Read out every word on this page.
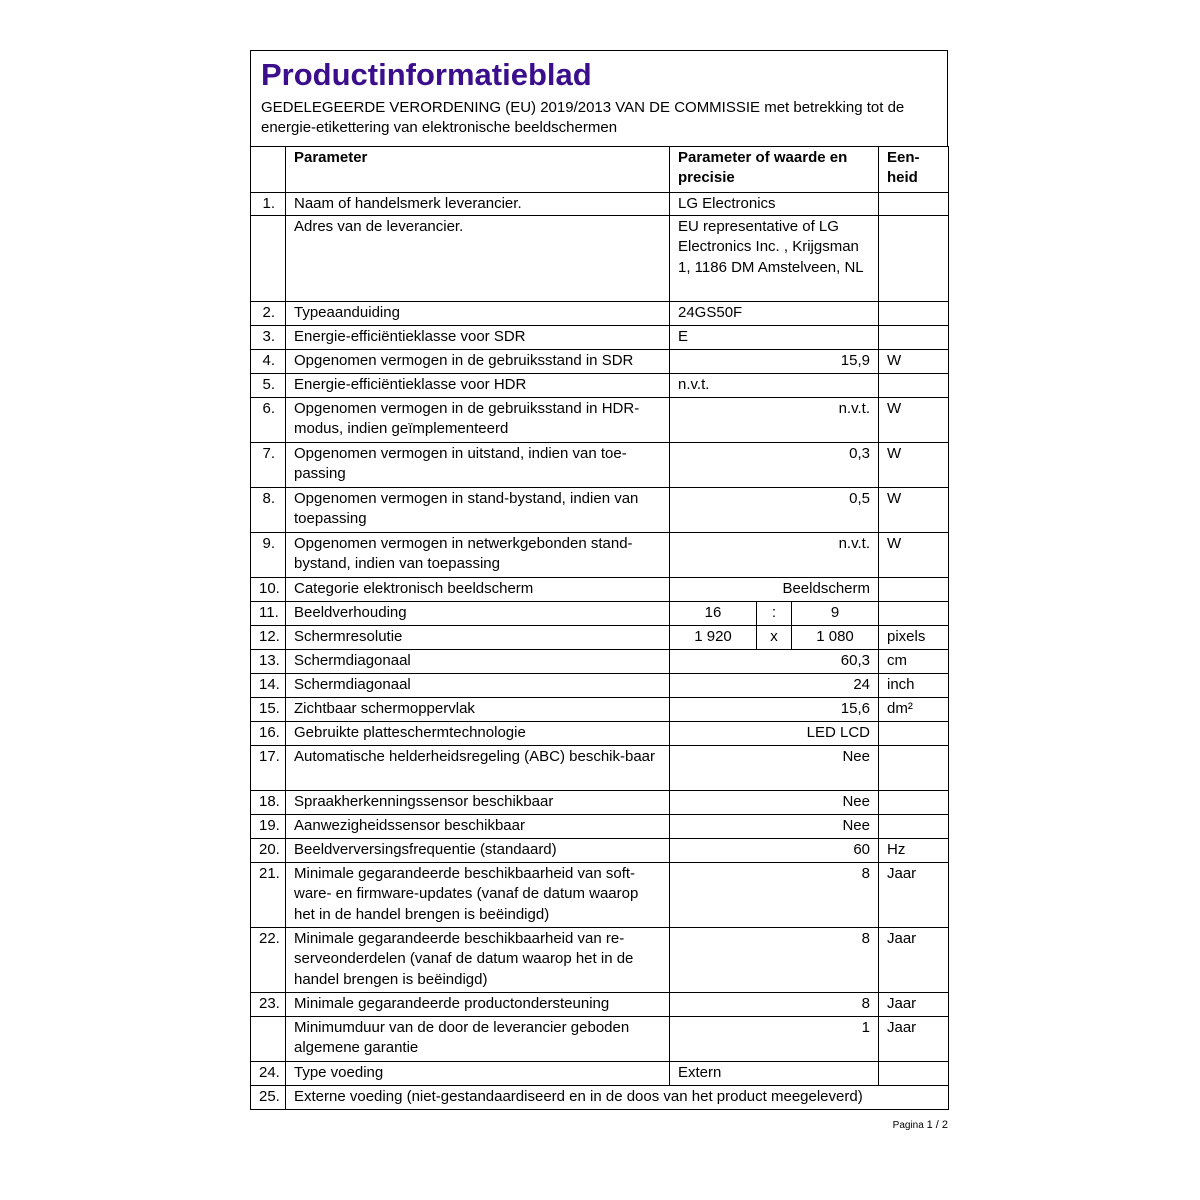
Productinformatieblad
GEDELEGEERDE VERORDENING (EU) 2019/2013 VAN DE COMMISSIE met betrekking tot de energie-etikettering van elektronische beeldschermen
	Parameter	Parameter of waarde en precisie			Een-heid
1.	Naam of handelsmerk leverancier.	LG Electronics			
	Adres van de leverancier.	EU representative of LG Electronics Inc. , Krijgsman 1, 1186 DM Amstelveen, NL			
2.	Typeaanduiding	24GS50F			
3.	Energie-efficiëntieklasse voor SDR	E			
4.	Opgenomen vermogen in de gebruiksstand in SDR	15,9			W
5.	Energie-efficiëntieklasse voor HDR	n.v.t.			
6.	Opgenomen vermogen in de gebruiksstand in HDR-modus, indien geïmplementeerd	n.v.t.			W
7.	Opgenomen vermogen in uitstand, indien van toe-passing	0,3			W
8.	Opgenomen vermogen in stand-bystand, indien van toepassing	0,5			W
9.	Opgenomen vermogen in netwerkgebonden stand-bystand, indien van toepassing	n.v.t.			W
10.	Categorie elektronisch beeldscherm	Beeldscherm			
11.	Beeldverhouding	16	:	9	
12.	Schermresolutie	1 920	x	1 080	pixels
13.	Schermdiagonaal	60,3			cm
14.	Schermdiagonaal	24			inch
15.	Zichtbaar schermoppervlak	15,6			dm²
16.	Gebruikte platteschermtechnologie	LED LCD			
17.	Automatische helderheidsregeling (ABC) beschik-baar	Nee			
18.	Spraakherkenningssensor beschikbaar	Nee			
19.	Aanwezigheidssensor beschikbaar	Nee			
20.	Beeldverversingsfrequentie (standaard)	60			Hz
21.	Minimale gegarandeerde beschikbaarheid van soft-ware- en firmware-updates (vanaf de datum waarop het in de handel brengen is beëindigd)	8			Jaar
22.	Minimale gegarandeerde beschikbaarheid van re-serveonderdelen (vanaf de datum waarop het in de handel brengen is beëindigd)	8			Jaar
23.	Minimale gegarandeerde productondersteuning	8			Jaar
	Minimumduur van de door de leverancier geboden algemene garantie	1			Jaar
24.	Type voeding	Extern			
25.	Externe voeding (niet-gestandaardiseerd en in de doos van het product meegeleverd)				
Pagina 1 / 2
